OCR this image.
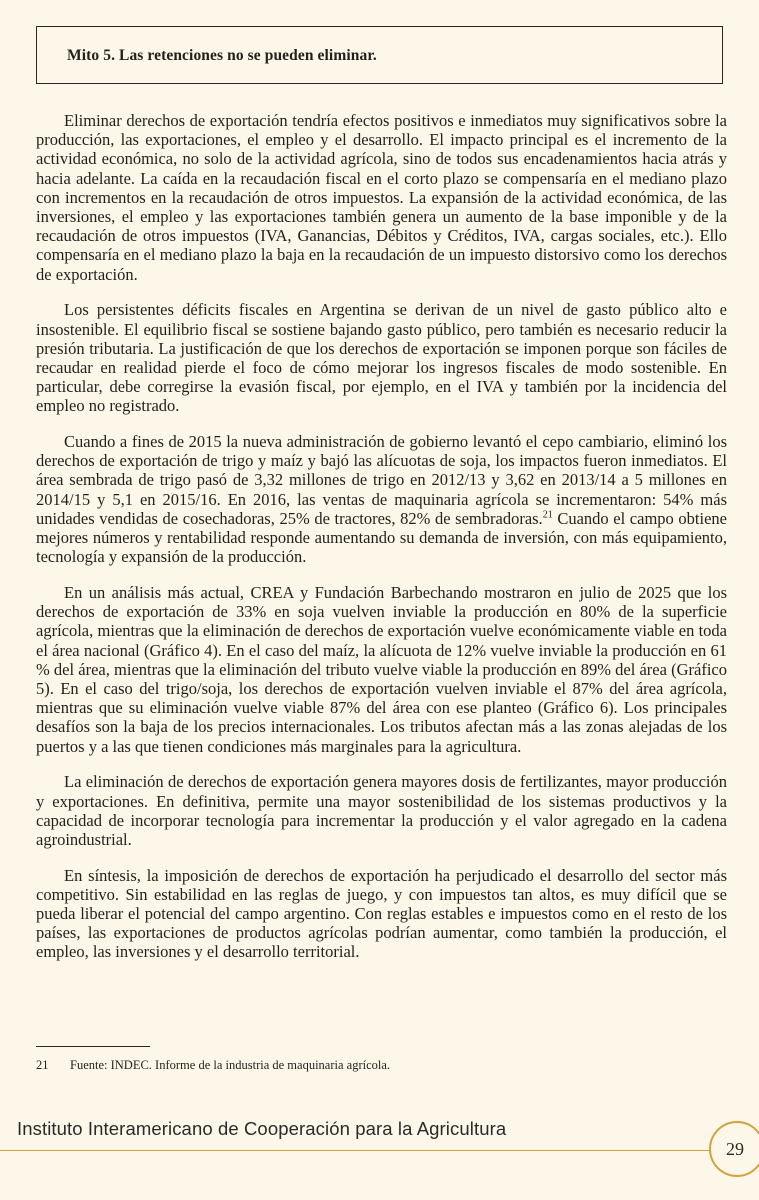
Mito 5. Las retenciones no se pueden eliminar.

Eliminar derechos de exportación tendría efectos positivos e inmediatos muy significativos sobre la producción, las exportaciones, el empleo y el desarrollo. El impacto principal es el incremento de la actividad económica, no solo de la actividad agrícola, sino de todos sus encadenamientos hacia atrás y hacia adelante. La caída en la recaudación fiscal en el corto plazo se compensaría en el mediano plazo con incrementos en la recaudación de otros impuestos. La expansión de la actividad económica, de las inversiones, el empleo y las exportaciones también genera un aumento de la base imponible y de la recaudación de otros impuestos (IVA, Ganancias, Débitos y Créditos, IVA, cargas sociales, etc.). Ello compensaría en el mediano plazo la baja en la recaudación de un impuesto distorsivo como los derechos de exportación.

Los persistentes déficits fiscales en Argentina se derivan de un nivel de gasto público alto e insostenible. El equilibrio fiscal se sostiene bajando gasto público, pero también es necesario reducir la presión tributaria. La justificación de que los derechos de exportación se imponen porque son fáciles de recaudar en realidad pierde el foco de cómo mejorar los ingresos fiscales de modo sostenible. En particular, debe corregirse la evasión fiscal, por ejemplo, en el IVA y también por la incidencia del empleo no registrado.

Cuando a fines de 2015 la nueva administración de gobierno levantó el cepo cambiario, eliminó los derechos de exportación de trigo y maíz y bajó las alícuotas de soja, los impactos fueron inmediatos. El área sembrada de trigo pasó de 3,32 millones de trigo en 2012/13 y 3,62 en 2013/14 a 5 millones en 2014/15 y 5,1 en 2015/16. En 2016, las ventas de maquinaria agrícola se incrementaron: 54% más unidades vendidas de cosechadoras, 25% de tractores, 82% de sembradoras.$^{21}$ Cuando el campo obtiene mejores números y rentabilidad responde aumentando su demanda de inversión, con más equipamiento, tecnología y expansión de la producción.

En un análisis más actual, CREA y Fundación Barbechando mostraron en julio de 2025 que los derechos de exportación de 33% en soja vuelven inviable la producción en 80% de la superficie agrícola, mientras que la eliminación de derechos de exportación vuelve económicamente viable en toda el área nacional (Gráfico 4). En el caso del maíz, la alícuota de 12% vuelve inviable la producción en 61 % del área, mientras que la eliminación del tributo vuelve viable la producción en 89% del área (Gráfico 5). En el caso del trigo/soja, los derechos de exportación vuelven inviable el 87% del área agrícola, mientras que su eliminación vuelve viable 87% del área con ese planteo (Gráfico 6). Los principales desafíos son la baja de los precios internacionales. Los tributos afectan más a las zonas alejadas de los puertos y a las que tienen condiciones más marginales para la agricultura.

La eliminación de derechos de exportación genera mayores dosis de fertilizantes, mayor producción y exportaciones. En definitiva, permite una mayor sostenibilidad de los sistemas productivos y la capacidad de incorporar tecnología para incrementar la producción y el valor agregado en la cadena agroindustrial.

En síntesis, la imposición de derechos de exportación ha perjudicado el desarrollo del sector más competitivo. Sin estabilidad en las reglas de juego, y con impuestos tan altos, es muy difícil que se pueda liberar el potencial del campo argentino. Con reglas estables e impuestos como en el resto de los países, las exportaciones de productos agrícolas podrían aumentar, como también la producción, el empleo, las inversiones y el desarrollo territorial.

21 Fuente: INDEC. Informe de la industria de maquinaria agrícola.
Instituto Interamericano de Cooperación para la Agricultura
29
